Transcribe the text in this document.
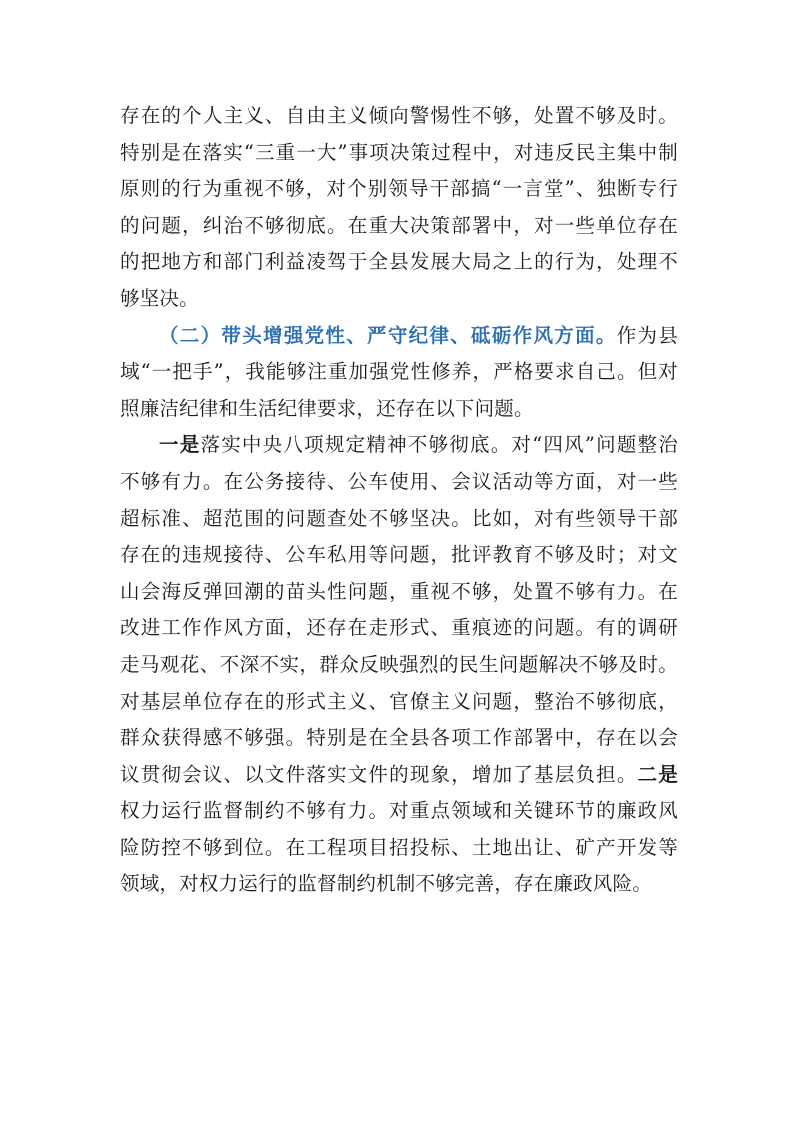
存在的个人主义、自由主义倾向警惕性不够，处置不够及时。
特别是在落实“三重一大”事项决策过程中，对违反民主集中制
原则的行为重视不够，对个别领导干部搞“一言堂”、独断专行
的问题，纠治不够彻底。在重大决策部署中，对一些单位存在
的把地方和部门利益凌驾于全县发展大局之上的行为，处理不
够坚决。
（二）带头增强党性、严守纪律、砥砺作风方面。作为县
域“一把手”，我能够注重加强党性修养，严格要求自己。但对
照廉洁纪律和生活纪律要求，还存在以下问题。
一是落实中央八项规定精神不够彻底。对“四风”问题整治
不够有力。在公务接待、公车使用、会议活动等方面，对一些
超标准、超范围的问题查处不够坚决。比如，对有些领导干部
存在的违规接待、公车私用等问题，批评教育不够及时；对文
山会海反弹回潮的苗头性问题，重视不够，处置不够有力。在
改进工作作风方面，还存在走形式、重痕迹的问题。有的调研
走马观花、不深不实，群众反映强烈的民生问题解决不够及时。
对基层单位存在的形式主义、官僚主义问题，整治不够彻底，
群众获得感不够强。特别是在全县各项工作部署中，存在以会
议贯彻会议、以文件落实文件的现象，增加了基层负担。二是
权力运行监督制约不够有力。对重点领域和关键环节的廉政风
险防控不够到位。在工程项目招投标、土地出让、矿产开发等
领域，对权力运行的监督制约机制不够完善，存在廉政风险。
